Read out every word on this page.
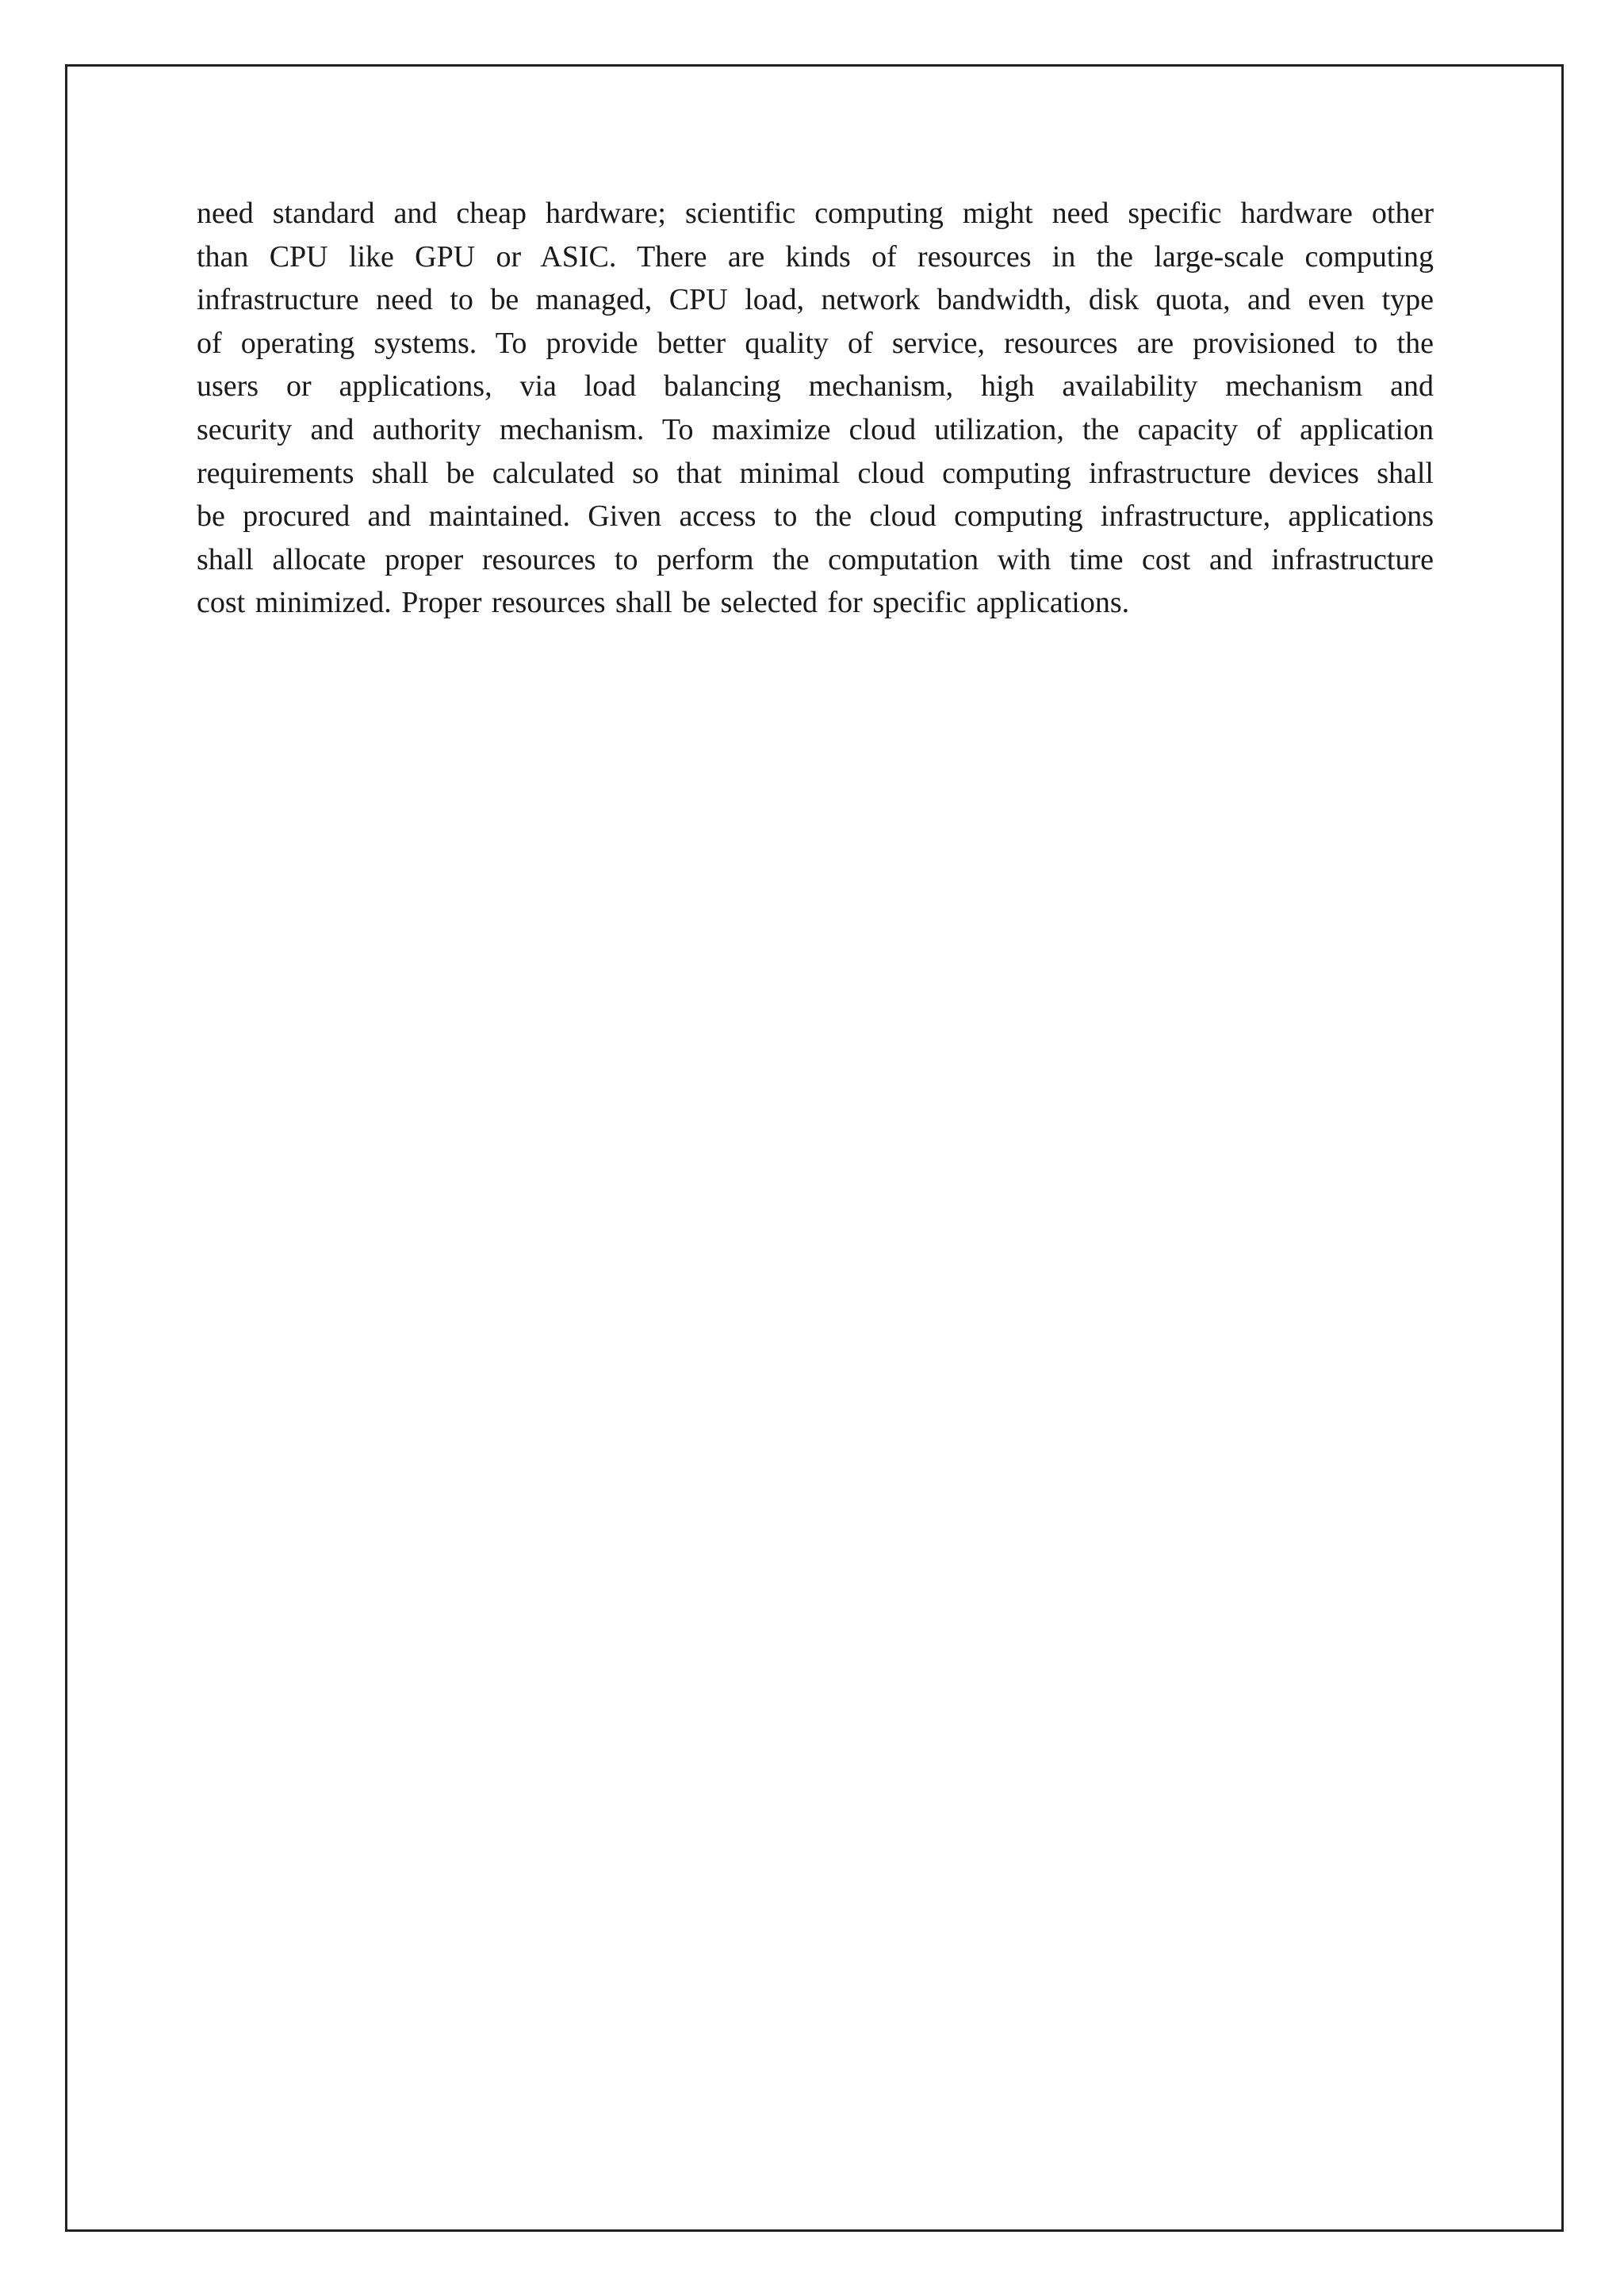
need standard and cheap hardware; scientific computing might need specific hardware other
than CPU like GPU or ASIC. There are kinds of resources in the large-scale computing
infrastructure need to be managed, CPU load, network bandwidth, disk quota, and even type
of operating systems. To provide better quality of service, resources are provisioned to the
users or applications, via load balancing mechanism, high availability mechanism and
security and authority mechanism. To maximize cloud utilization, the capacity of application
requirements shall be calculated so that minimal cloud computing infrastructure devices shall
be procured and maintained. Given access to the cloud computing infrastructure, applications
shall allocate proper resources to perform the computation with time cost and infrastructure
cost minimized. Proper resources shall be selected for specific applications.
